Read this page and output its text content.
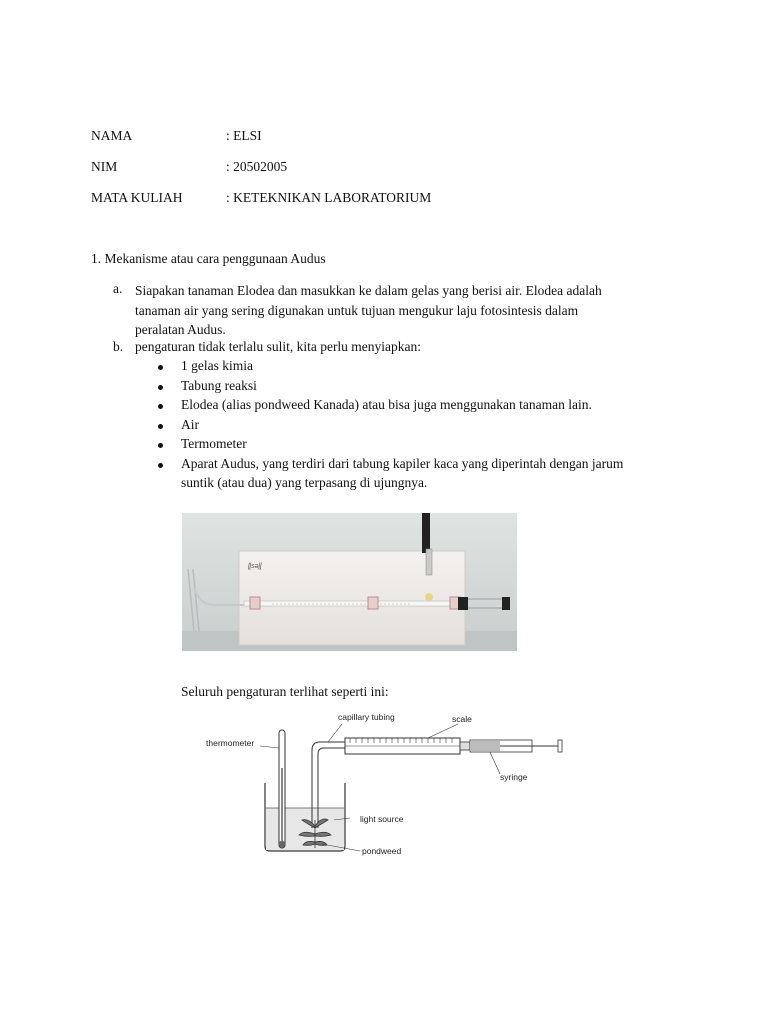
NAMA	: ELSI
NIM	: 20502005
MATA KULIAH	: KETEKNIKAN LABORATORIUM
1. Mekanisme atau cara penggunaan Audus
a. Siapakan tanaman Elodea dan masukkan ke dalam gelas yang berisi air. Elodea adalah
tanaman air yang sering digunakan untuk tujuan mengukur laju fotosintesis dalam
peralatan Audus.
b. pengaturan tidak terlalu sulit, kita perlu menyiapkan:
1 gelas kimia
Tabung reaksi
Elodea (alias pondweed Kanada) atau bisa juga menggunakan tanaman lain.
Air
Termometer
Aparat Audus, yang terdiri dari tabung kapiler kaca yang diperintah dengan jarum
suntik (atau dua) yang terpasang di ujungnya.
ɭɭsǝɭɭ
Seluruh pengaturan terlihat seperti ini:
capillary tubing	scale
thermometer
syringe
light source
pondweed
